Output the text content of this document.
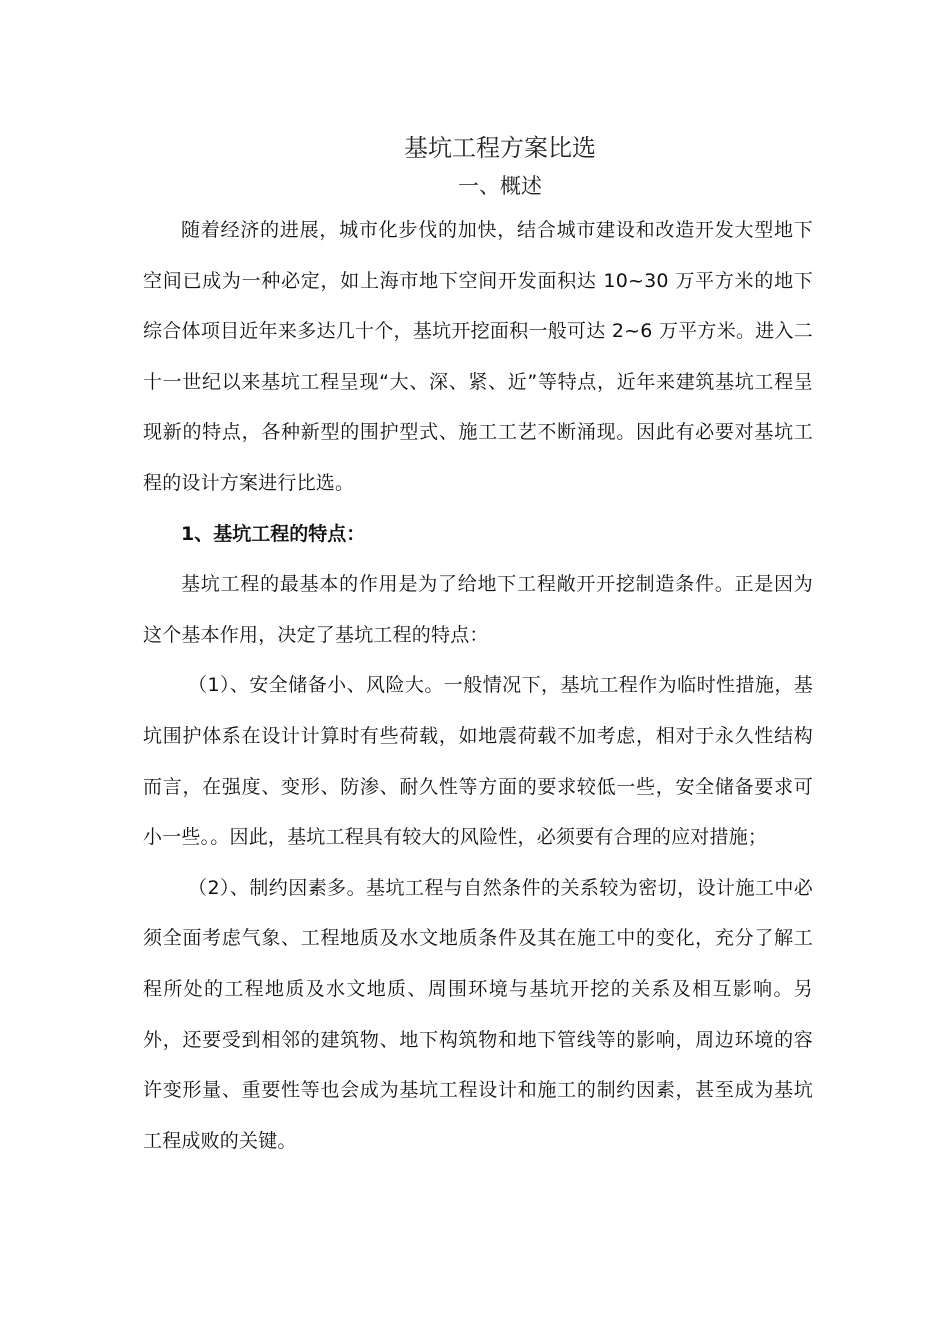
基坑工程方案比选
一、概述

随着经济的进展，城市化步伐的加快，结合城市建设和改造开发大型地下空间已成为一种必定，如上海市地下空间开发面积达 10~30 万平方米的地下综合体项目近年来多达几十个，基坑开挖面积一般可达 2~6 万平方米。进入二十一世纪以来基坑工程呈现“大、深、紧、近”等特点，近年来建筑基坑工程呈现新的特点，各种新型的围护型式、施工工艺不断涌现。因此有必要对基坑工程的设计方案进行比选。

1、基坑工程的特点：

基坑工程的最基本的作用是为了给地下工程敞开开挖制造条件。正是因为这个基本作用，决定了基坑工程的特点：

（1）、安全储备小、风险大。一般情况下，基坑工程作为临时性措施，基坑围护体系在设计计算时有些荷载，如地震荷载不加考虑，相对于永久性结构而言，在强度、变形、防渗、耐久性等方面的要求较低一些，安全储备要求可小一些。。因此，基坑工程具有较大的风险性，必须要有合理的应对措施；

（2）、制约因素多。基坑工程与自然条件的关系较为密切，设计施工中必须全面考虑气象、工程地质及水文地质条件及其在施工中的变化，充分了解工程所处的工程地质及水文地质、周围环境与基坑开挖的关系及相互影响。另外，还要受到相邻的建筑物、地下构筑物和地下管线等的影响，周边环境的容许变形量、重要性等也会成为基坑工程设计和施工的制约因素，甚至成为基坑工程成败的关键。
